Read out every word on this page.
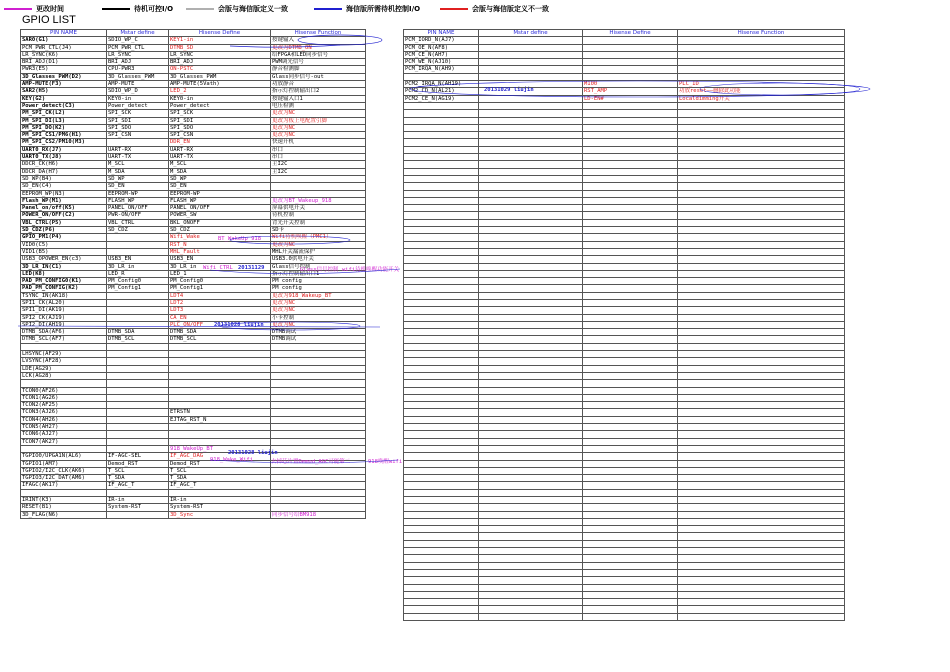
更改时间	待机可控I/O	会版与海信版定义一致	海信版所需待机控制I/O	会版与海信版定义不一致
GPIO LIST
PIN NAME	Mstar define	Hisense Define	Hisense Function
SAR0(G1)	SDIO_WP_C	KEY1-in	按键输入
PCM_PWR_CTL(J4)	PCM_PWR_CTL	DTMB_SD	更改为DTMB_ON
LR_SYNC(K6)	LR_SYNC	LR_SYNC	给FPGA和LED同步信号
BRI_ADJ(D1)	BRI_ADJ	BRI_ADJ	PWM调光信号
PWR3(E5)	CPU-PWR3	ON-PSTC	静音检测脚
3D_Glasses_PWM(D2)	3D_Glasses_PWM	3D_Glasses_PWM	Glass同步信号-out
AMP-MUTE(F3)	AMP-MUTE	AMP-MUTE(5Vath)	功放静音
SAR2(H5)	SDIO_WP_D	LED_2	指示灯控制输出口2
KEY(G2)	KEY0-in	KEY0-in	按键输入口1
Power_detect(C3)	Power_detect	Power_detect	电压检测
PM_SPI_CK(L2)	SPI_SCK	SPI_SCK	更改为NC
PM_SPI_DI(L3)	SPI_SDI	SPI_SDI	更改为板上电配置引脚
PM_SPI_DO(K2)	SPI_SDO	SPI_SDO	更改为NC
PM_SPI_CS1/PM6(H1)	SPI_CSN	SPI_CSN	更改为NC
PM_SPI_CS2/PM10(M3)		DDR_EN	快速开机
UART0_RX(J7)	UART-RX	UART-RX	串口
UART0_TX(J8)	UART-TX	UART-TX	串口
DDCR_CK(H6)	M_SCL	M_SCL	主I2C
DDCR_DA(H7)	M_SDA	M_SDA	主I2C
SD_WP(B4)	SD_WP	SD_WP	
SD_EN(C4)	SD_EN	SD_EN	
EEPROM_WP(N3)	EEPROM-WP	EEPROM-WP	
Flash_WP(M1)	FLASH_WP	FLASH_WP	更改为BT_Wakeup_918
Panel_on/off(K5)	PANEL_ON/OFF	PANEL_ON/OFF	屏幕供电开关
POWER_ON/OFF(C2)	PWR-ON/OFF	POWER_SW	待机控制
VBL_CTRL(P5)	VBL_CTRL	BKL_ONOFF	背光开关控制
SD_CDZ(P6)	SD_CDZ	SD_CDZ	SD卡
GPIO_PM1(P4)		Wifi_Wake	Wifi待机唤醒（PMC1）
VID0(C5)		RST_N	更改为NC
VID1(B5)		MHL_Fault	MHL开关漏流保护
USB3_OPOWER_EN(c3)	USB3_EN	USB3_EN	USB3.0供电开关
3D_LR_IN(C1)	3D_LR_in	3D_LR_in	Glass信号控制
LED(K8)	LED_R	LED_1	指示灯控制输出口1
PAD_PM_CONFIG0(K1)	PM_Config0	PM_Config0	PM config
PAD_PM_CONFIG(K2)	PM_Config1	PM_Config1	PM config
TSYNC_IN(AK18)		LDT4	更改为918_Wakeup_BT
SPI1_CK(AL20)		LDT2	更改为NC
SPI1_DI(AK19)		LDT3	更改为NC
SPI2_CK(AJ19)		CA_EN	小卡控制
SPI2_DI(AH19)		PLC_ON/OFF	更改为NC
DTMB_SDA(AF6)	DTMB_SDA	DTMB_SDA	DTMB调试
DTMB_SCL(AF7)	DTMB_SCL	DTMB_SCL	DTMB调试

LHSYNC(AF29)			
LVSYNC(AF28)			
LDE(AG29)			
LCK(AG28)			

TCON0(AF26)			
TCON1(AG26)			
TCON2(AF25)			
TCON3(AJ26)		ETRSTN	
TCON4(AH26)		EJTAG_RST_N	
TCON5(AH27)			
TCON6(AJ27)			
TCON7(AK27)			
		918_WakeUp_BT	
TGPIO0/UPGA1N(AL6)	IF-AGC-SEL	IF_AGC_DAG	
TGPIO1(AM7)	Demod_RST	Demod_RST	
TGPIO2/I2C_CLK(AK6)	T_SCL	T_SCL	
TGPIO3/I2C_DAT(AM6)	T_SDA	T_SDA	
IFAGC(AK17)	IF_AGC_T	IF_AGC_T	

IRINT(K3)	IR-in	IR-in	
RESET(B1)	System-RST	System-RST	
3D_FLAG(N6)		3D_Sync	同步信号给BM918
PIN NAME	Mstar define	Hisense Define	Hisense Function
PCM_IORD_N(AJ7)			
PCM_OE_N(AF8)			
PCM_CE_N(AH7)			
PCM_WE_N(AJ10)			
PCM_IRQA_N(AH9)			

PCM2_IRQA_N(AH19)		M100	PLC_ID
PCM2_CD_N(AL21)		RST_AMP	功放reset——删除此功能
PCM2_CE_N(AG19)		LD-EN#	Localdimming开关

BT_WakeUp_918
Wifi_CTRL 20131129	Glass信号控制 wifi待机唤醒功能开关
20131028 liujin
20131028 liujin
918_Wake_Wifi	去掉芯片置Demod_AGC可能第二	918唤醒wifi
20131029 liujin
